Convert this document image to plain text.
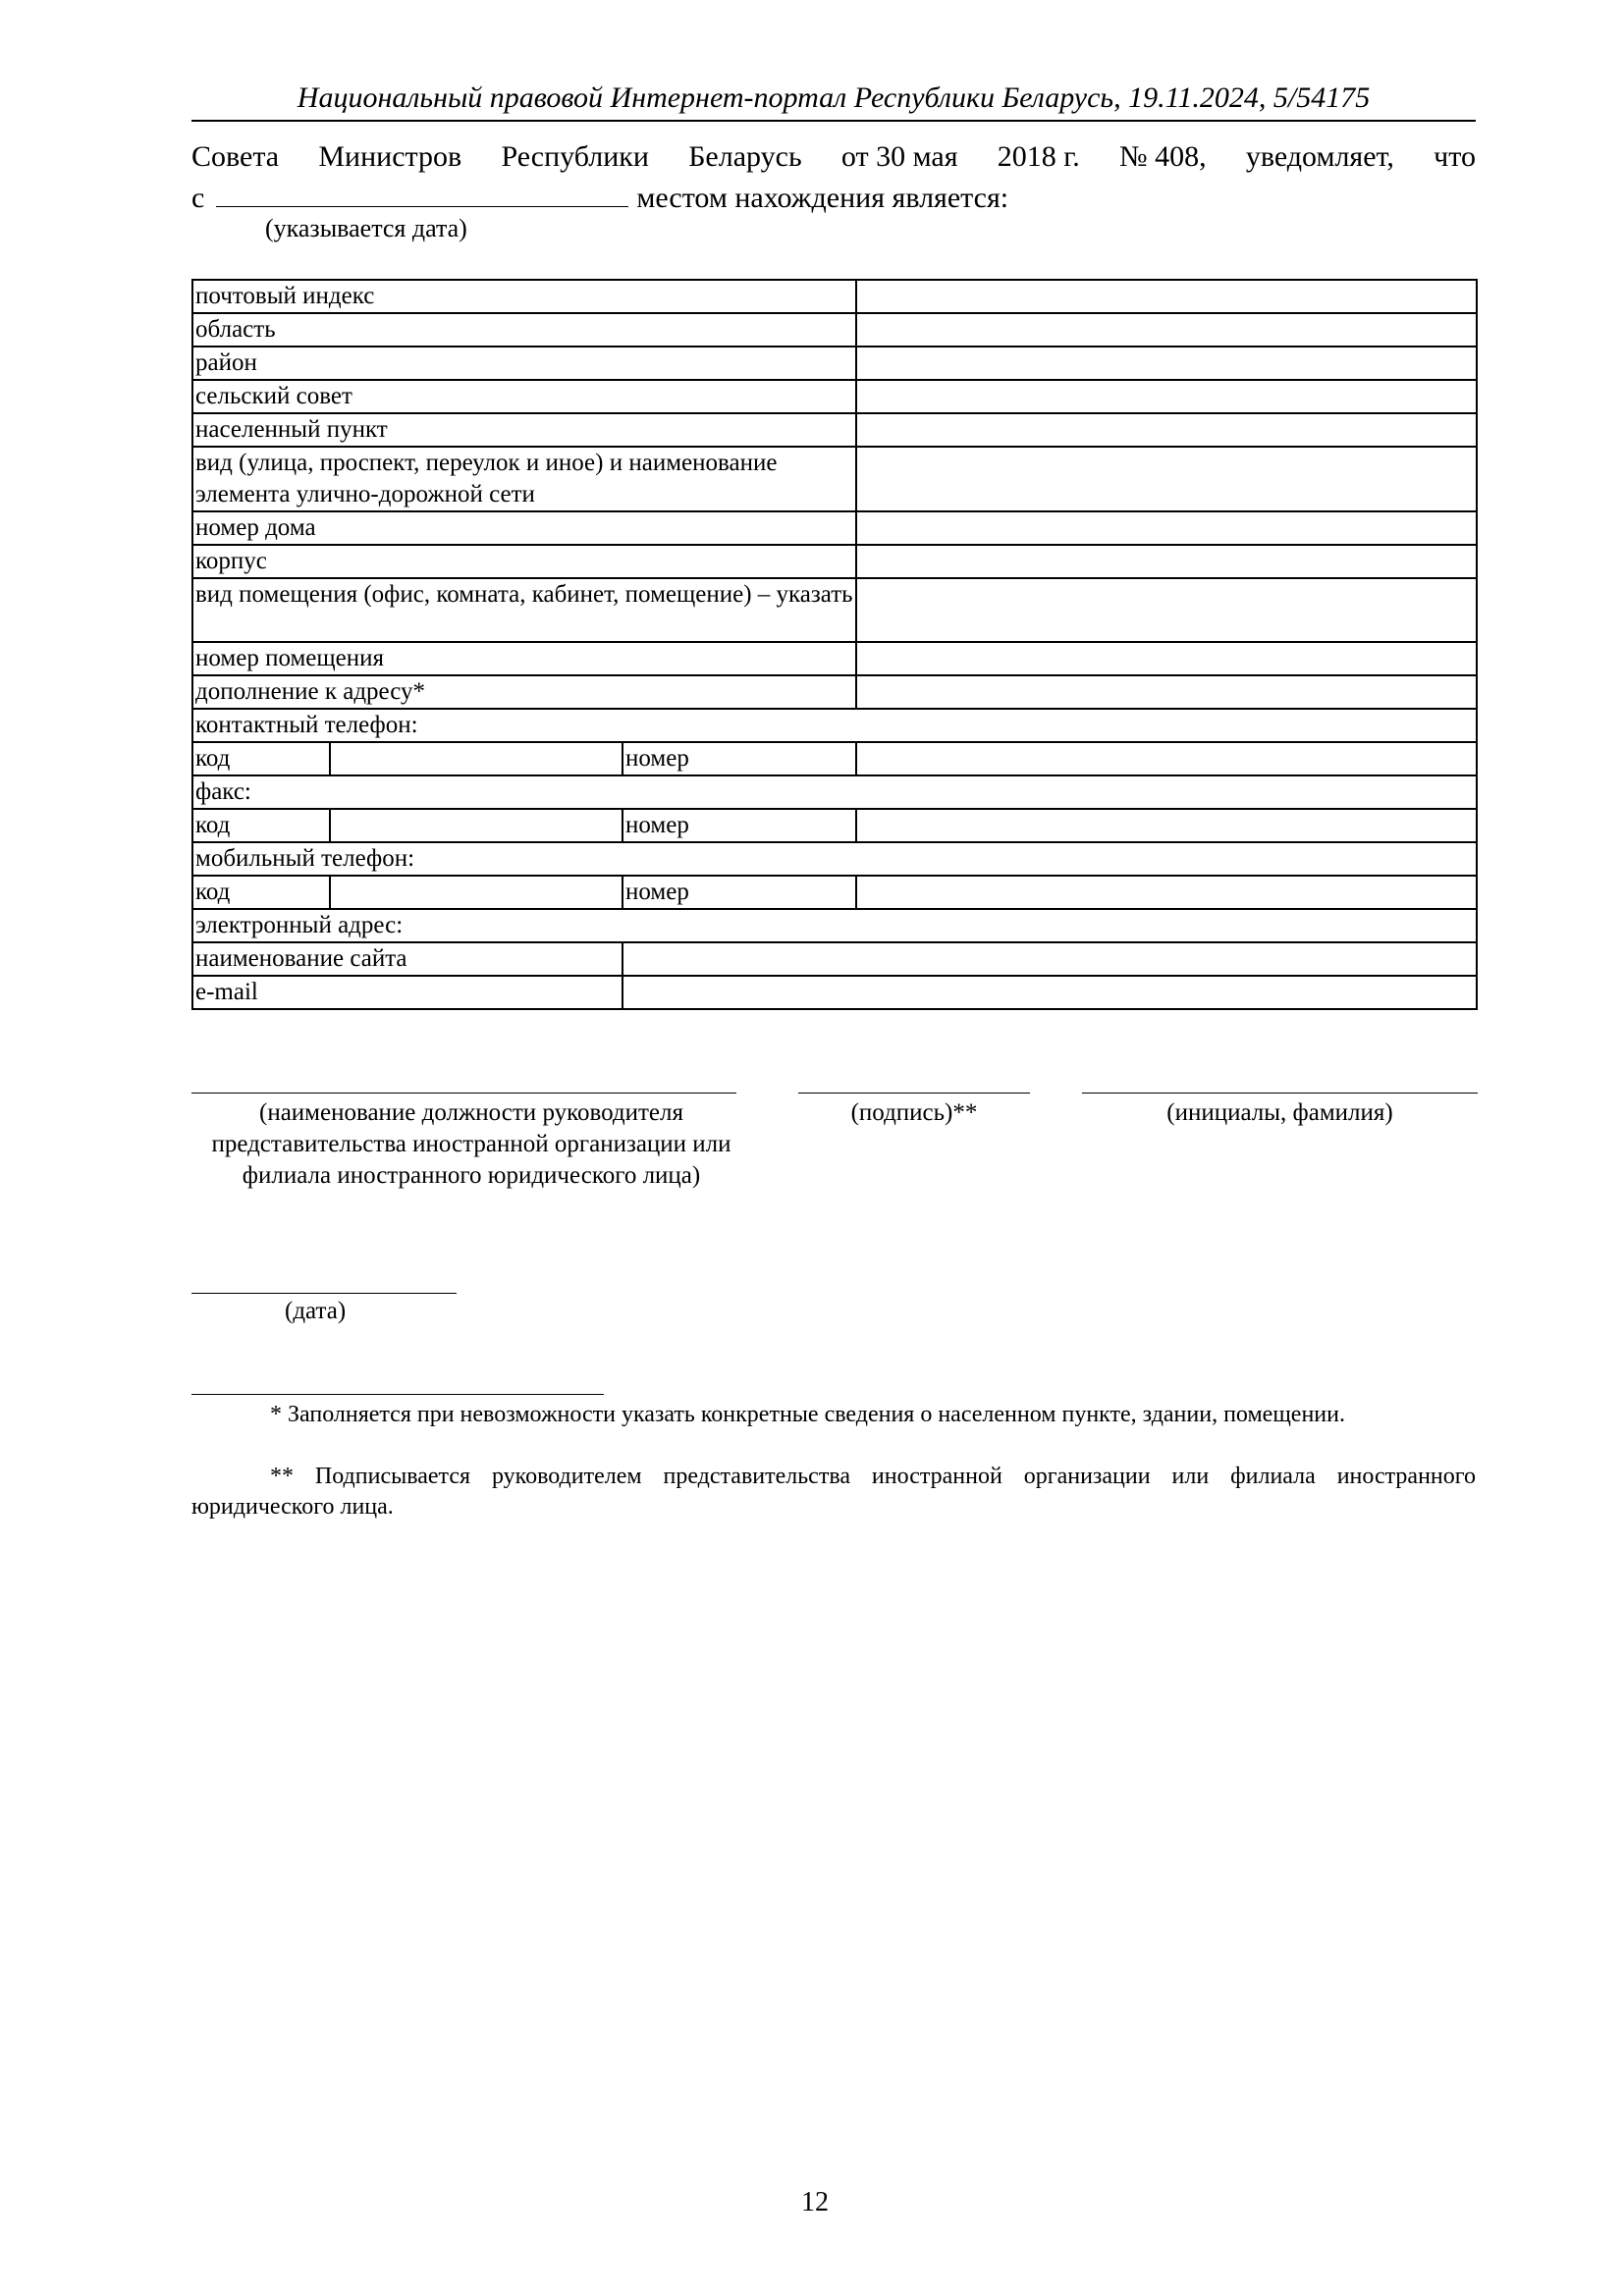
Национальный правовой Интернет-портал Республики Беларусь, 19.11.2024, 5/54175
Совета Министров Республики Беларусь от 30 мая 2018 г. № 408, уведомляет, что
с	местом нахождения является:
(указывается дата)
почтовый индекс			
область			
район			
сельский совет			
населенный пункт			
вид (улица, проспект, переулок и иное) и наименование элемента улично-дорожной сети			
номер дома			
корпус			
вид помещения (офис, комната, кабинет, помещение) – указать			
номер помещения			
дополнение к адресу*			
контактный телефон:			
код		номер	
факс:			
код		номер	
мобильный телефон:			
код		номер	
электронный адрес:			
наименование сайта			
e-mail			
(наименование должности руководителя представительства иностранной организации или филиала иностранного юридического лица)
(подпись)**	(инициалы, фамилия)
(дата)
* Заполняется при невозможности указать конкретные сведения о населенном пункте, здании, помещении.
** Подписывается руководителем представительства иностранной организации или филиала иностранного юридического лица.
12
